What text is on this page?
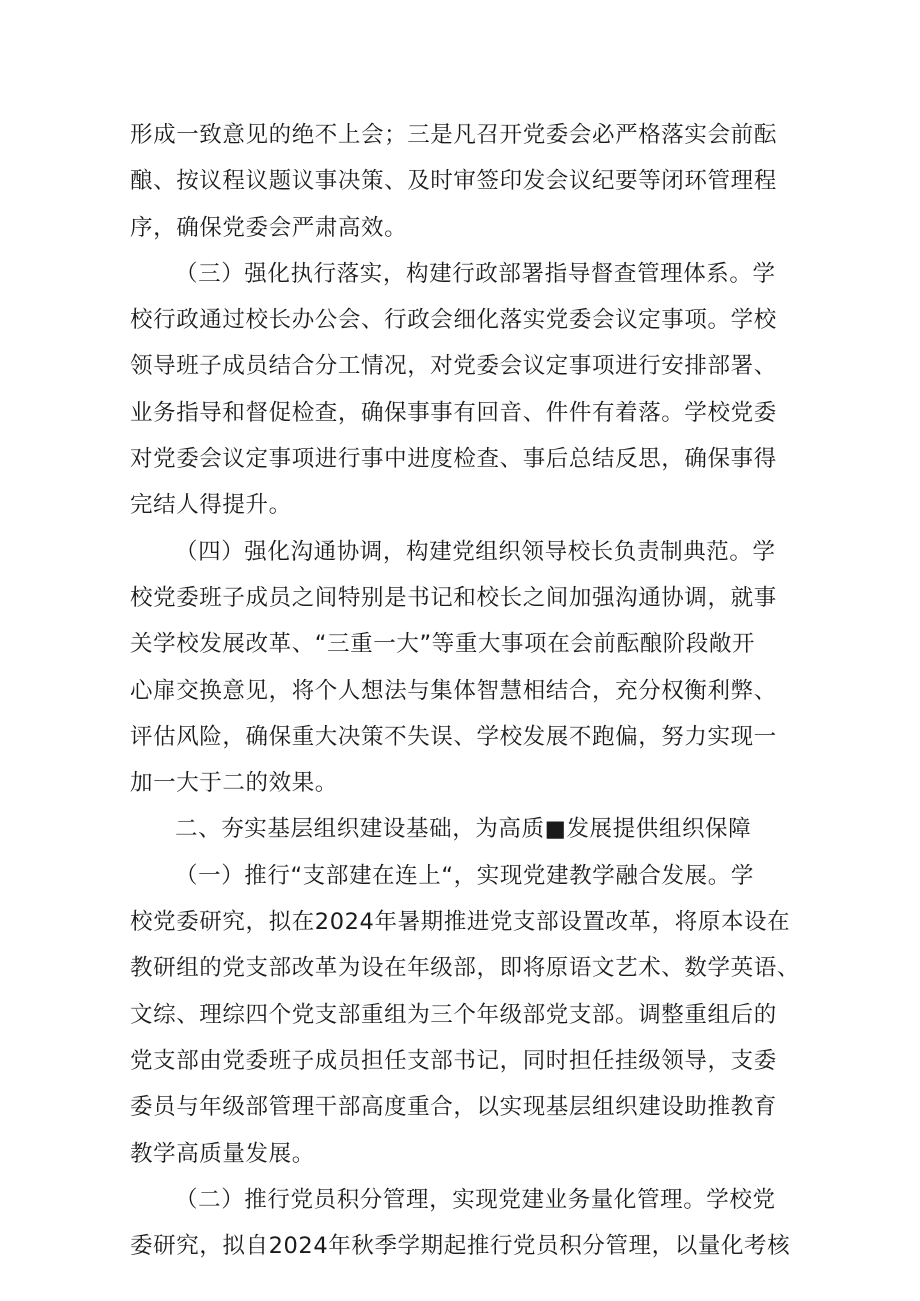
形成一致意见的绝不上会；三是凡召开党委会必严格落实会前酝
酿、按议程议题议事决策、及时审签印发会议纪要等闭环管理程
序，确保党委会严肃高效。

（三）强化执行落实，构建行政部署指导督查管理体系。学
校行政通过校长办公会、行政会细化落实党委会议定事项。学校
领导班子成员结合分工情况，对党委会议定事项进行安排部署、
业务指导和督促检查，确保事事有回音、件件有着落。学校党委
对党委会议定事项进行事中进度检查、事后总结反思，确保事得
完结人得提升。

（四）强化沟通协调，构建党组织领导校长负责制典范。学
校党委班子成员之间特别是书记和校长之间加强沟通协调，就事
关学校发展改革、“三重一大”等重大事项在会前酝酿阶段敞开
心扉交换意见，将个人想法与集体智慧相结合，充分权衡利弊、
评估风险，确保重大决策不失误、学校发展不跑偏，努力实现一
加一大于二的效果。

二、夯实基层组织建设基础，为高质■发展提供组织保障

（一）推行“支部建在连上“，实现党建教学融合发展。学
校党委研究，拟在2024年暑期推进党支部设置改革，将原本设在
教研组的党支部改革为设在年级部，即将原语文艺术、数学英语、
文综、理综四个党支部重组为三个年级部党支部。调整重组后的
党支部由党委班子成员担任支部书记，同时担任挂级领导，支委
委员与年级部管理干部高度重合，以实现基层组织建设助推教育
教学高质量发展。

（二）推行党员积分管理，实现党建业务量化管理。学校党
委研究，拟自2024年秋季学期起推行党员积分管理，以量化考核
